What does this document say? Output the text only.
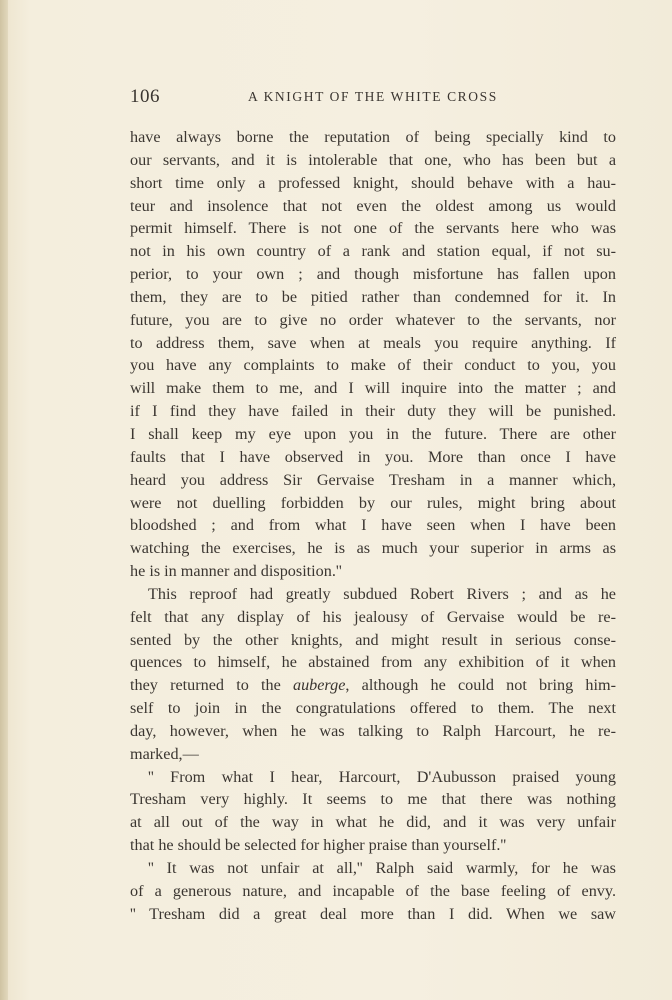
106	A KNIGHT OF THE WHITE CROSS

have always borne the reputation of being specially kind to

our servants, and it is intolerable that one, who has been but a

short time only a professed knight, should behave with a hau-

teur and insolence that not even the oldest among us would

permit himself. There is not one of the servants here who was

not in his own country of a rank and station equal, if not su-

perior, to your own ; and though misfortune has fallen upon

them, they are to be pitied rather than condemned for it. In

future, you are to give no order whatever to the servants, nor

to address them, save when at meals you require anything. If

you have any complaints to make of their conduct to you, you

will make them to me, and I will inquire into the matter ; and

if I find they have failed in their duty they will be punished.

I shall keep my eye upon you in the future. There are other

faults that I have observed in you. More than once I have

heard you address Sir Gervaise Tresham in a manner which,

were not duelling forbidden by our rules, might bring about

bloodshed ; and from what I have seen when I have been

watching the exercises, he is as much your superior in arms as

he is in manner and disposition.''

This reproof had greatly subdued Robert Rivers ; and as he

felt that any display of his jealousy of Gervaise would be re-

sented by the other knights, and might result in serious conse-

quences to himself, he abstained from any exhibition of it when

they returned to the auberge, although he could not bring him-

self to join in the congratulations offered to them. The next

day, however, when he was talking to Ralph Harcourt, he re-

marked,—

'' From what I hear, Harcourt, D'Aubusson praised young

Tresham very highly. It seems to me that there was nothing

at all out of the way in what he did, and it was very unfair

that he should be selected for higher praise than yourself.''

'' It was not unfair at all,'' Ralph said warmly, for he was

of a generous nature, and incapable of the base feeling of envy.

'' Tresham did a great deal more than I did. When we saw
